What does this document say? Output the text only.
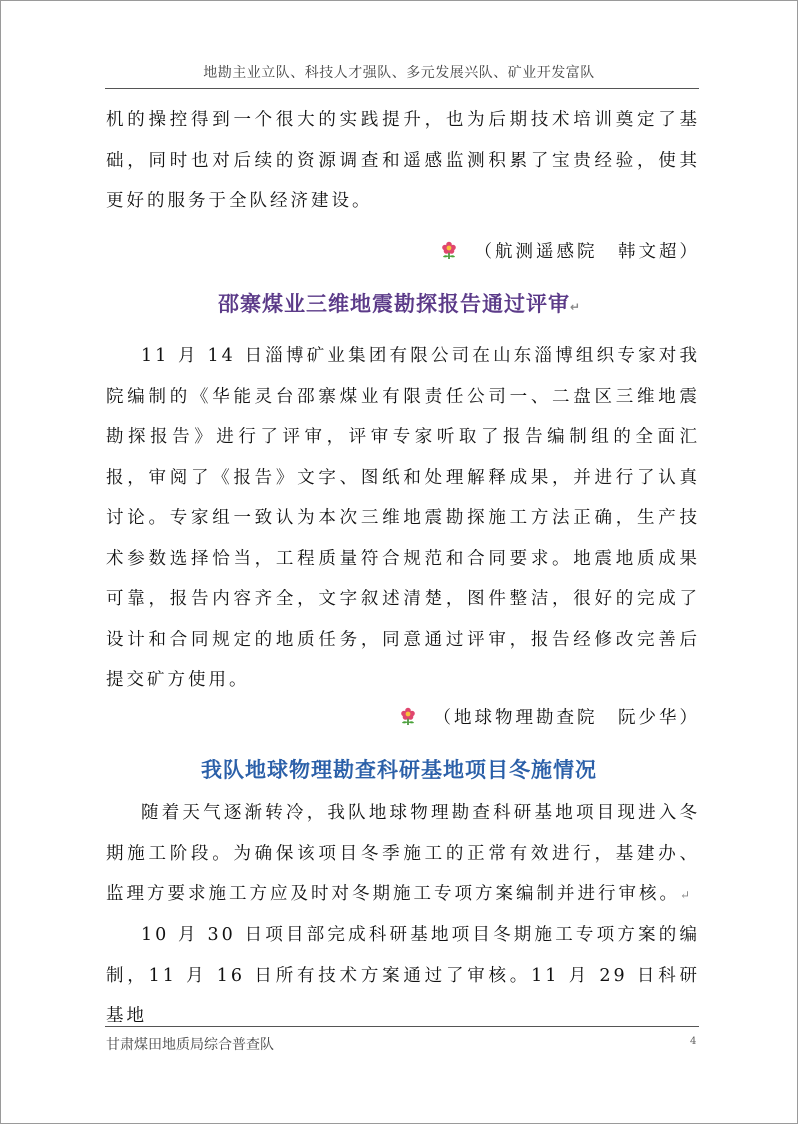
地勘主业立队、科技人才强队、多元发展兴队、矿业开发富队

机的操控得到一个很大的实践提升，也为后期技术培训奠定了基础，同时也对后续的资源调查和遥感监测积累了宝贵经验，使其更好的服务于全队经济建设。

（航测遥感院　韩文超）
邵寨煤业三维地震勘探报告通过评审↵

11 月 14 日淄博矿业集团有限公司在山东淄博组织专家对我院编制的《华能灵台邵寨煤业有限责任公司一、二盘区三维地震勘探报告》进行了评审，评审专家听取了报告编制组的全面汇报，审阅了《报告》文字、图纸和处理解释成果，并进行了认真讨论。专家组一致认为本次三维地震勘探施工方法正确，生产技术参数选择恰当，工程质量符合规范和合同要求。地震地质成果可靠，报告内容齐全，文字叙述清楚，图件整洁，很好的完成了设计和合同规定的地质任务，同意通过评审，报告经修改完善后提交矿方使用。

（地球物理勘查院　阮少华）
我队地球物理勘查科研基地项目冬施情况

随着天气逐渐转冷，我队地球物理勘查科研基地项目现进入冬期施工阶段。为确保该项目冬季施工的正常有效进行，基建办、监理方要求施工方应及时对冬期施工专项方案编制并进行审核。↵

10 月 30 日项目部完成科研基地项目冬期施工专项方案的编制，11 月 16 日所有技术方案通过了审核。11 月 29 日科研基地

甘肃煤田地质局综合普查队	4
